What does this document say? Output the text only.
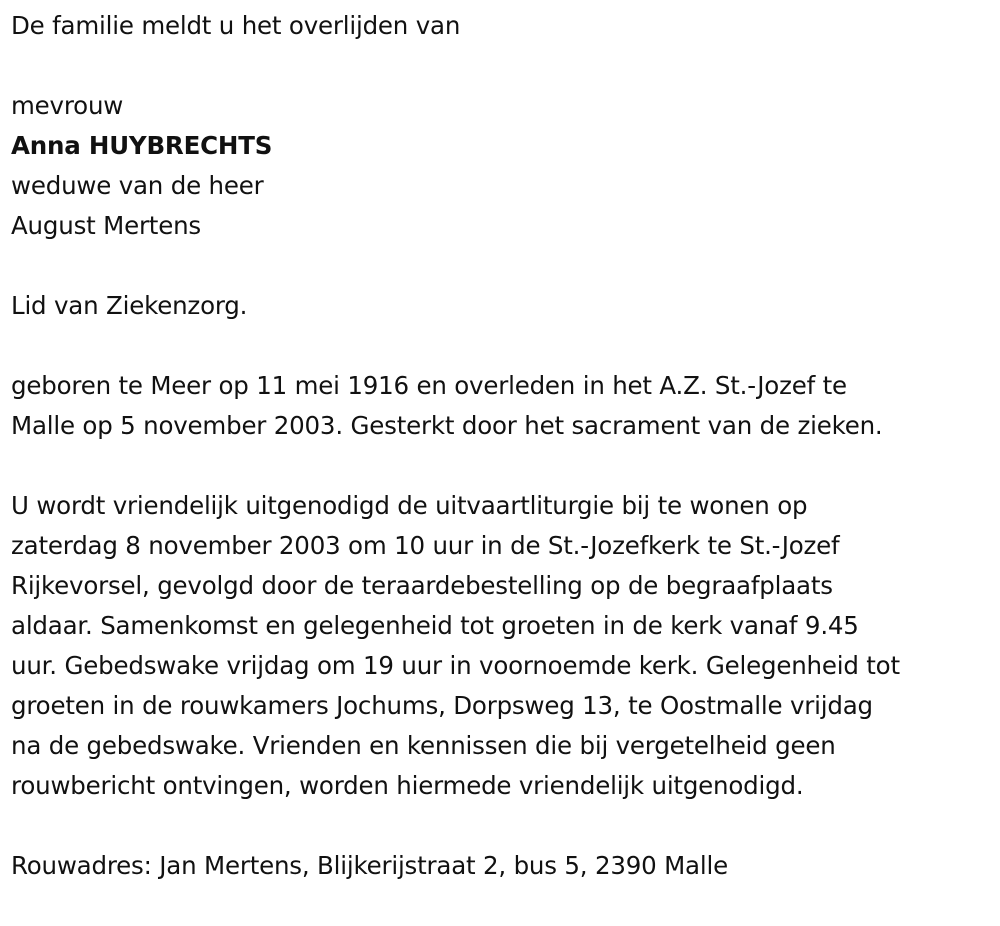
De familie meldt u het overlijden van
mevrouw
Anna HUYBRECHTS
weduwe van de heer
August Mertens
Lid van Ziekenzorg.
geboren te Meer op 11 mei 1916 en overleden in het A.Z. St.-Jozef te
Malle op 5 november 2003. Gesterkt door het sacrament van de zieken.
U wordt vriendelijk uitgenodigd de uitvaartliturgie bij te wonen op
zaterdag 8 november 2003 om 10 uur in de St.-Jozefkerk te St.-Jozef
Rijkevorsel, gevolgd door de teraardebestelling op de begraafplaats
aldaar. Samenkomst en gelegenheid tot groeten in de kerk vanaf 9.45
uur. Gebedswake vrijdag om 19 uur in voornoemde kerk. Gelegenheid tot
groeten in de rouwkamers Jochums, Dorpsweg 13, te Oostmalle vrijdag
na de gebedswake. Vrienden en kennissen die bij vergetelheid geen
rouwbericht ontvingen, worden hiermede vriendelijk uitgenodigd.
Rouwadres: Jan Mertens, Blijkerijstraat 2, bus 5, 2390 Malle
